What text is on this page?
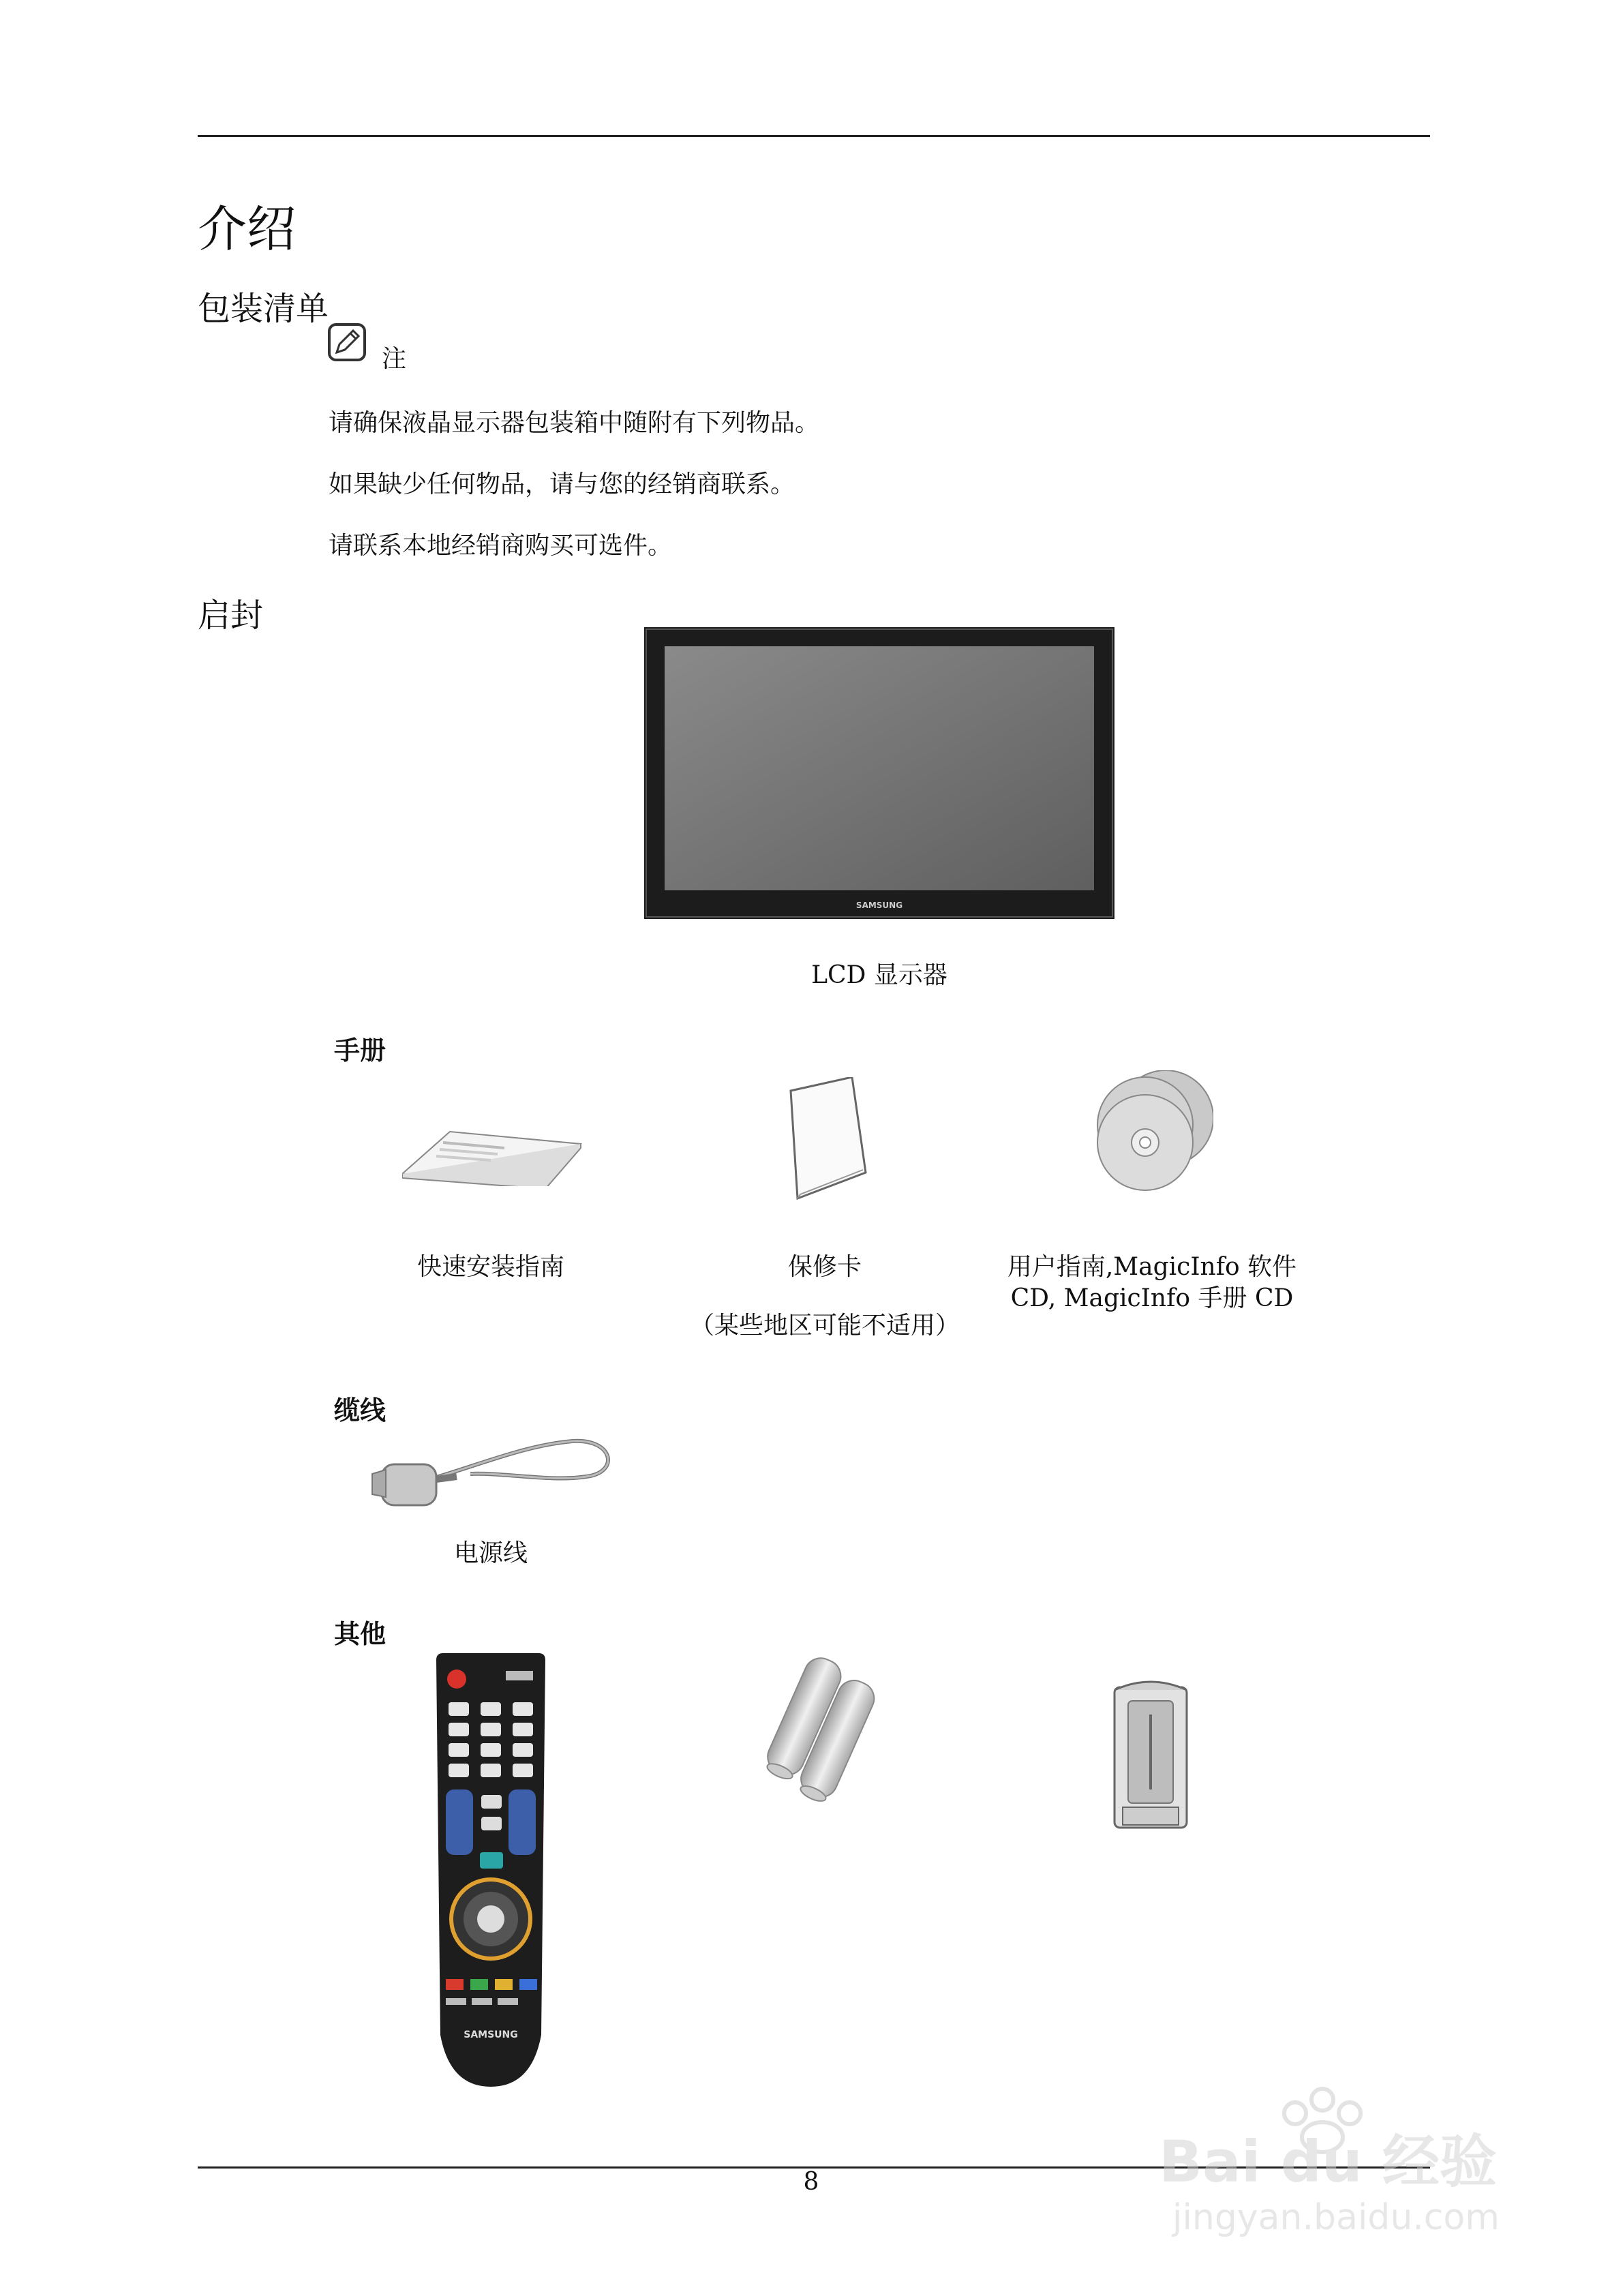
介绍
包装清单
注
请确保液晶显示器包装箱中随附有下列物品。
如果缺少任何物品，请与您的经销商联系。
请联系本地经销商购买可选件。
启封
SAMSUNG
LCD 显示器
手册
快速安装指南	保修卡
（某些地区可能不适用）
用户指南,MagicInfo 软件
CD, MagicInfo 手册 CD
缆线
电源线
其他
SAMSUNG
8	Bai du 经验
jingyan.baidu.com
